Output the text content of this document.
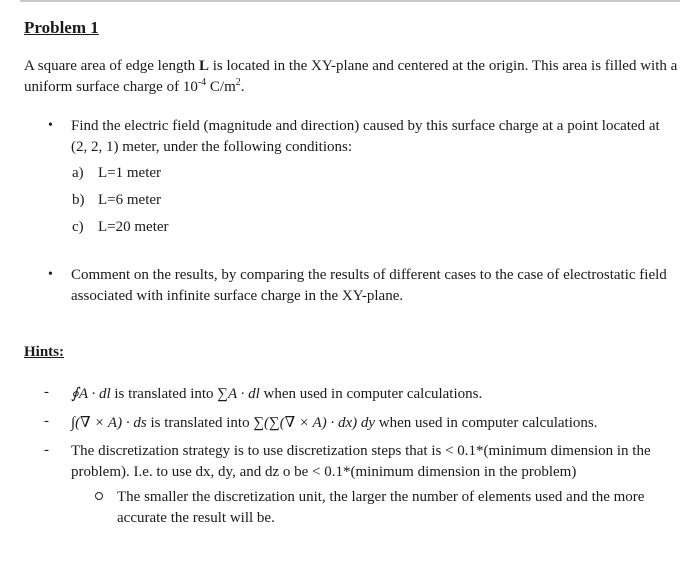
Problem 1
A square area of edge length L is located in the XY-plane and centered at the origin. This area is filled with a uniform surface charge of $10^{-4}$ $C/m^2$.
• Find the electric field (magnitude and direction) caused by this surface charge at a point located at
(2, 2, 1) meter, under the following conditions:
a) L=1 meter
b) L=6 meter
c) L=20 meter
• Comment on the results, by comparing the results of different cases to the case of electrostatic field
associated with infinite surface charge in the XY-plane.
Hints:
- ∮A · dl is translated into ∑A · dl when used in computer calculations.
- ∫(∇ × A) · ds is translated into ∑(∑(∇ × A) · dx) dy when used in computer calculations.
- The discretization strategy is to use discretization steps that is < 0.1*(minimum dimension in the
problem). I.e. to use dx, dy, and dz o be < 0.1*(minimum dimension in the problem)
The smaller the discretization unit, the larger the number of elements used and the more
accurate the result will be.
